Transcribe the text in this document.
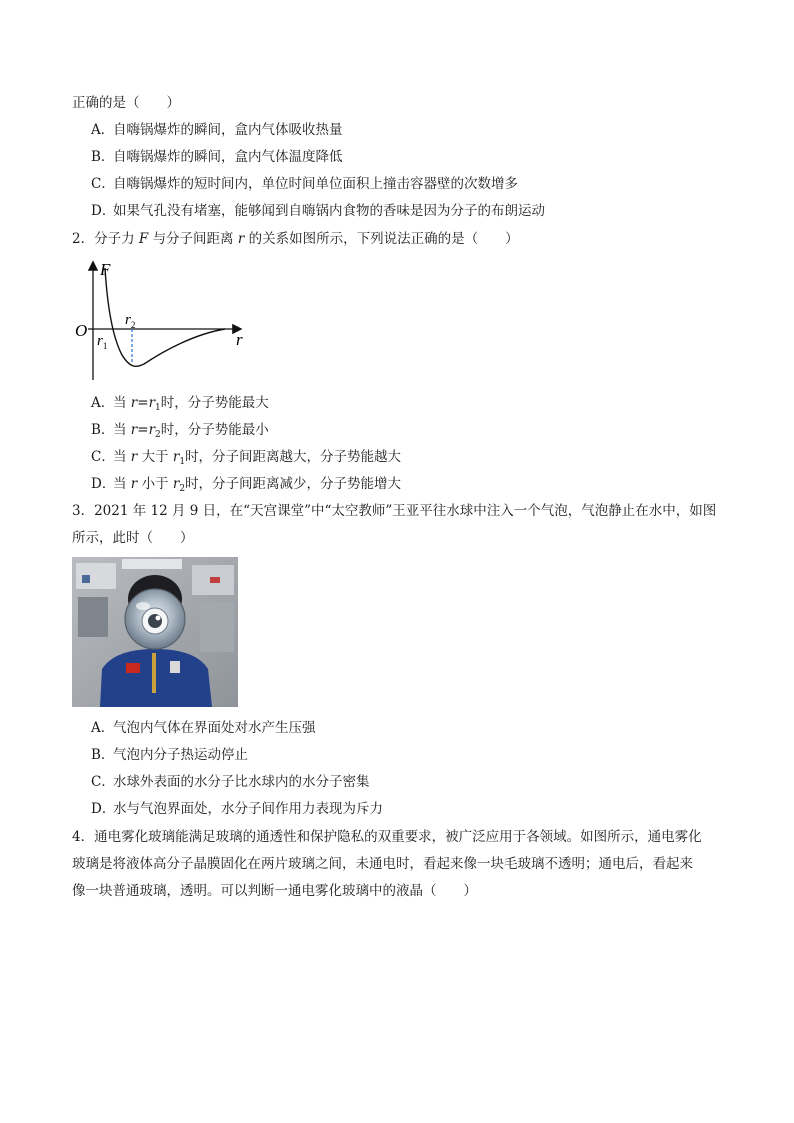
正确的是（　　）
A．自嗨锅爆炸的瞬间，盒内气体吸收热量
B．自嗨锅爆炸的瞬间，盒内气体温度降低
C．自嗨锅爆炸的短时间内，单位时间单位面积上撞击容器壁的次数增多
D．如果气孔没有堵塞，能够闻到自嗨锅内食物的香味是因为分子的布朗运动
2．分子力 F 与分子间距离 r 的关系如图所示，下列说法正确的是（　　）
F
r
O
$r_1$
$r_2$
A．当 $r=r_1$时，分子势能最大
B．当 $r=r_2$时，分子势能最小
C．当 r 大于 $r_1$时，分子间距离越大，分子势能越大
D．当 r 小于 $r_2$时，分子间距离减少，分子势能增大
3．2021 年 12 月 9 日，在“天宫课堂”中“太空教师”王亚平往水球中注入一个气泡，气泡静止在水中，如图
所示，此时（　　）
A．气泡内气体在界面处对水产生压强
B．气泡内分子热运动停止
C．水球外表面的水分子比水球内的水分子密集
D．水与气泡界面处，水分子间作用力表现为斥力
4．通电雾化玻璃能满足玻璃的通透性和保护隐私的双重要求，被广泛应用于各领域。如图所示，通电雾化
玻璃是将液体高分子晶膜固化在两片玻璃之间，未通电时，看起来像一块毛玻璃不透明；通电后，看起来
像一块普通玻璃，透明。可以判断一通电雾化玻璃中的液晶（　　）
